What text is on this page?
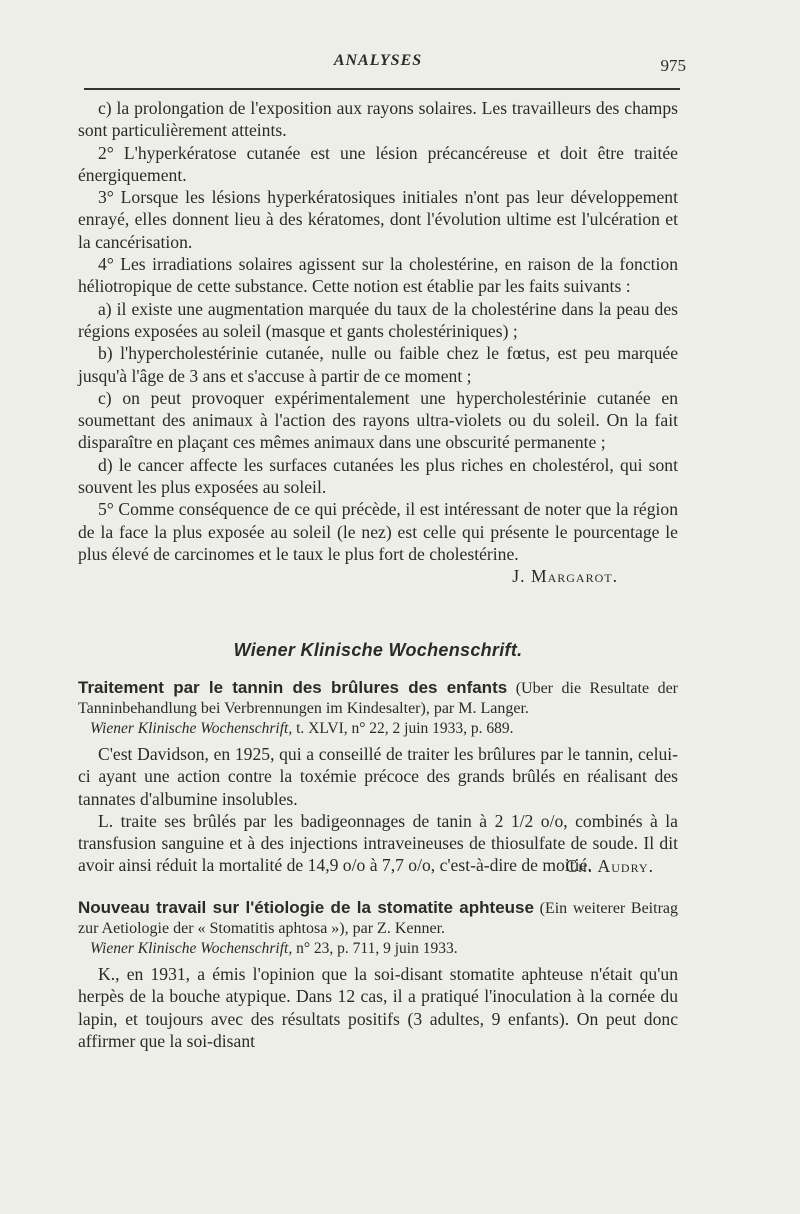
ANALYSES	975

c) la prolongation de l'exposition aux rayons solaires. Les travailleurs des champs sont particulièrement atteints.

2° L'hyperkératose cutanée est une lésion précancéreuse et doit être traitée énergiquement.

3° Lorsque les lésions hyperkératosiques initiales n'ont pas leur développement enrayé, elles donnent lieu à des kératomes, dont l'évolution ultime est l'ulcération et la cancérisation.

4° Les irradiations solaires agissent sur la cholestérine, en raison de la fonction héliotropique de cette substance. Cette notion est établie par les faits suivants :

a) il existe une augmentation marquée du taux de la cholestérine dans la peau des régions exposées au soleil (masque et gants cholestériniques) ;

b) l'hypercholestérinie cutanée, nulle ou faible chez le fœtus, est peu marquée jusqu'à l'âge de 3 ans et s'accuse à partir de ce moment ;

c) on peut provoquer expérimentalement une hypercholestérinie cutanée en soumettant des animaux à l'action des rayons ultra-violets ou du soleil. On la fait disparaître en plaçant ces mêmes animaux dans une obscurité permanente ;

d) le cancer affecte les surfaces cutanées les plus riches en cholestérol, qui sont souvent les plus exposées au soleil.

5° Comme conséquence de ce qui précède, il est intéressant de noter que la région de la face la plus exposée au soleil (le nez) est celle qui présente le pourcentage le plus élevé de carcinomes et le taux le plus fort de cholestérine.

J. Margarot.

Wiener Klinische Wochenschrift.

Traitement par le tannin des brûlures des enfants (Uber die Resultate der Tanninbehandlung bei Verbrennungen im Kindesalter), par M. Langer.

Wiener Klinische Wochenschrift, t. XLVI, n° 22, 2 juin 1933, p. 689.

C'est Davidson, en 1925, qui a conseillé de traiter les brûlures par le tannin, celui-ci ayant une action contre la toxémie précoce des grands brûlés en réalisant des tannates d'albumine insolubles.

L. traite ses brûlés par les badigeonnages de tanin à 2 1/2 o/o, combinés à la transfusion sanguine et à des injections intraveineuses de thiosulfate de soude. Il dit avoir ainsi réduit la mortalité de 14,9 o/o à 7,7 o/o, c'est-à-dire de moitié.

Ch. Audry.

Nouveau travail sur l'étiologie de la stomatite aphteuse (Ein weiterer Beitrag zur Aetiologie der « Stomatitis aphtosa »), par Z. Kenner.

Wiener Klinische Wochenschrift, n° 23, p. 711, 9 juin 1933.

K., en 1931, a émis l'opinion que la soi-disant stomatite aphteuse n'était qu'un herpès de la bouche atypique. Dans 12 cas, il a pratiqué l'inoculation à la cornée du lapin, et toujours avec des résultats positifs (3 adultes, 9 enfants). On peut donc affirmer que la soi-disant
